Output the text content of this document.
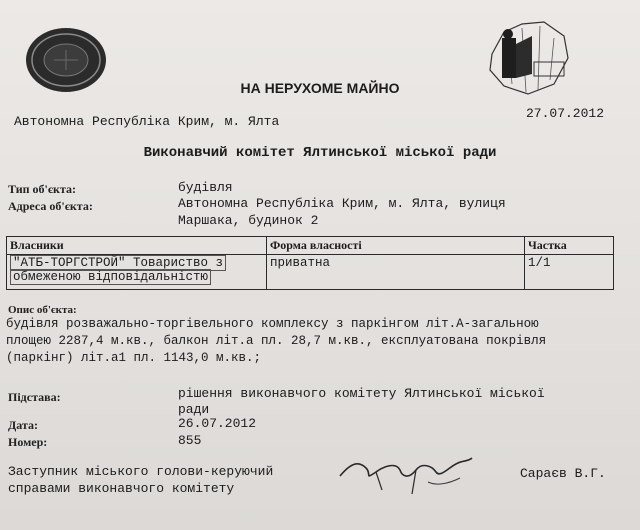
НА НЕРУХОМЕ МАЙНО
Автономна Республіка Крим, м. Ялта
27.07.2012
Виконавчий комітет Ялтинської міської ради
Тип об'єкта:	будівля
Адреса об'єкта:	Автономна Республіка Крим, м. Ялта, вулиця
Маршака, будинок 2
Власники	Форма власності	Частка
"АТБ-ТОРГСТРОЙ" Товариство з
обмеженою відповідальністю	приватна	1/1
Опис об'єкта:
будівля розважально-торгівельного комплексу з паркінгом літ.А-загальною
площею 2287,4 м.кв., балкон літ.а пл. 28,7 м.кв., експлуатована покрівля
(паркінг) літ.а1 пл. 1143,0 м.кв.;
Підстава:	рішення виконавчого комітету Ялтинської міської
ради
Дата:	26.07.2012
Номер:	855
Заступник міського голови-керуючий
справами виконавчого комітету
Сараєв В.Г.
